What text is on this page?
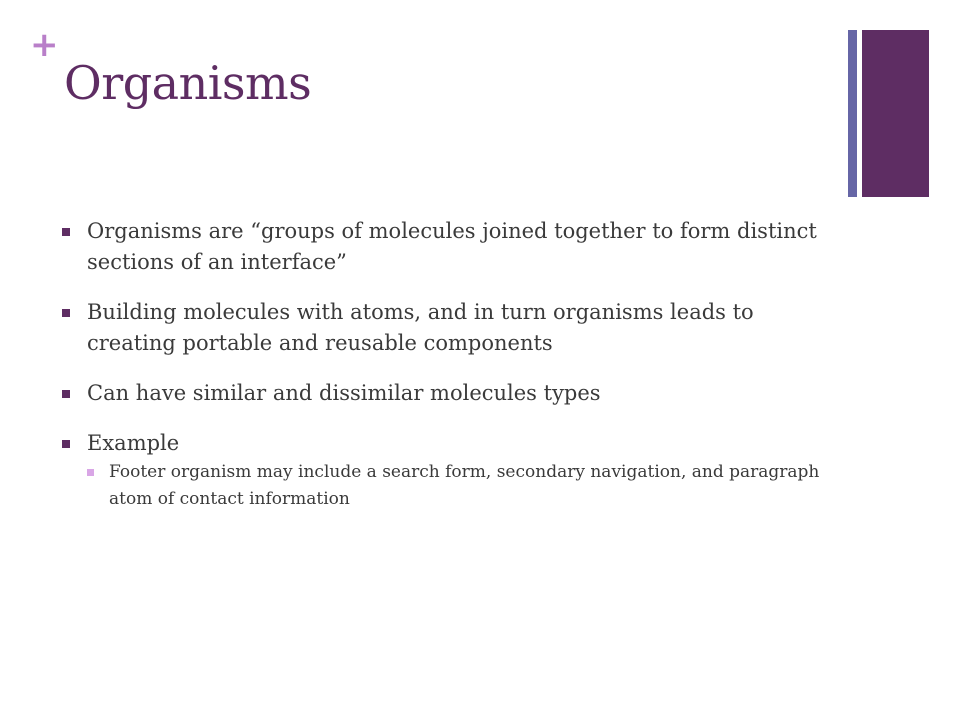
+
Organisms
Organisms are “groups of molecules joined together to form distinct sections of an interface”
Building molecules with atoms, and in turn organisms leads to creating portable and reusable components
Can have similar and dissimilar molecules types
Example
Footer organism may include a search form, secondary navigation, and paragraph atom of contact information
